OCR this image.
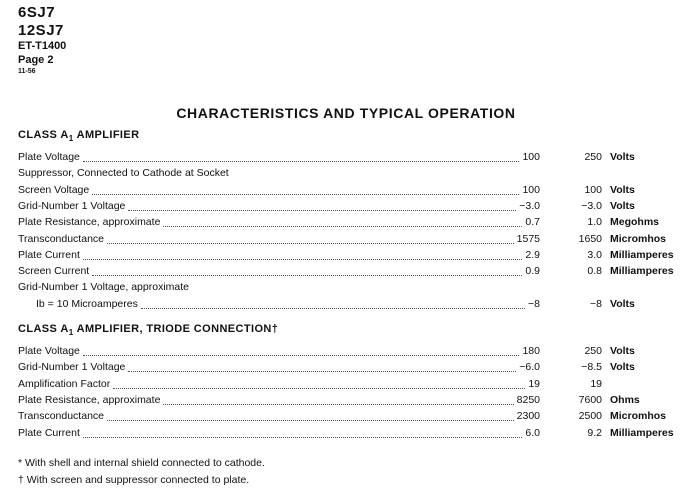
6SJ7
12SJ7
ET-T1400
Page 2
11-56
CHARACTERISTICS AND TYPICAL OPERATION
CLASS $A_1$ AMPLIFIER
Plate Voltage	100	250 Volts
Suppressor, Connected to Cathode at Socket
Screen Voltage	100	100 Volts
Grid-Number 1 Voltage	−3.0	−3.0 Volts
Plate Resistance, approximate	0.7	1.0 Megohms
Transconductance	1575	1650 Micromhos
Plate Current	2.9	3.0 Milliamperes
Screen Current	0.9	0.8 Milliamperes
Grid-Number 1 Voltage, approximate
Ib = 10 Microamperes	−8	−8 Volts
CLASS $A_1$ AMPLIFIER, TRIODE CONNECTION†
Plate Voltage	180	250 Volts
Grid-Number 1 Voltage	−6.0	−8.5 Volts
Amplification Factor	19	19
Plate Resistance, approximate	8250	7600 Ohms
Transconductance	2300	2500 Micromhos
Plate Current	6.0	9.2 Milliamperes
* With shell and internal shield connected to cathode.
† With screen and suppressor connected to plate.
